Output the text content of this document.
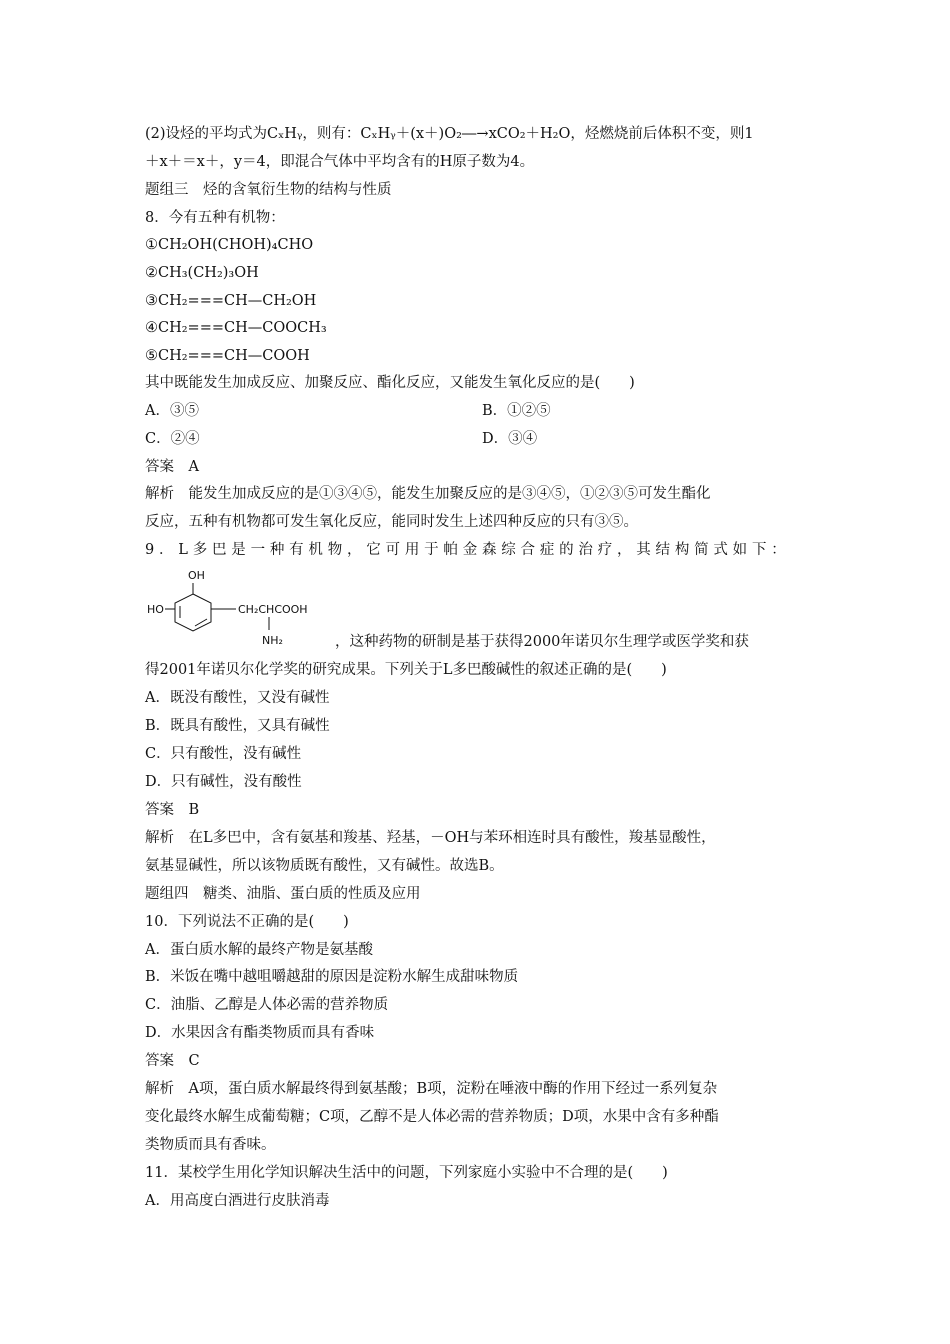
(2)设烃的平均式为CₓHᵧ，则有：CₓHᵧ＋(x＋)O₂―→xCO₂＋H₂O，烃燃烧前后体积不变，则1
＋x＋＝x＋，y＝4，即混合气体中平均含有的H原子数为4。
题组三　烃的含氧衍生物的结构与性质
8．今有五种有机物：
①CH₂OH(CHOH)₄CHO
②CH₃(CH₂)₃OH
③CH₂===CH—CH₂OH
④CH₂===CH—COOCH₃
⑤CH₂===CH—COOH
其中既能发生加成反应、加聚反应、酯化反应，又能发生氧化反应的是(　　)
A．③⑤	B．①②⑤
C．②④	D．③④
答案　A
解析　能发生加成反应的是①③④⑤，能发生加聚反应的是③④⑤，①②③⑤可发生酯化
反应，五种有机物都可发生氧化反应，能同时发生上述四种反应的只有③⑤。
9．L多巴是一种有机物，它可用于帕金森综合症的治疗，其结构简式如下：
OH
HO	CH₂CHCOOH
NH₂	，这种药物的研制是基于获得2000年诺贝尔生理学或医学奖和获
得2001年诺贝尔化学奖的研究成果。下列关于L多巴酸碱性的叙述正确的是(　　)
A．既没有酸性，又没有碱性
B．既具有酸性，又具有碱性
C．只有酸性，没有碱性
D．只有碱性，没有酸性
答案　B
解析　在L多巴中，含有氨基和羧基、羟基，－OH与苯环相连时具有酸性，羧基显酸性，
氨基显碱性，所以该物质既有酸性，又有碱性。故选B。
题组四　糖类、油脂、蛋白质的性质及应用
10．下列说法不正确的是(　　)
A．蛋白质水解的最终产物是氨基酸
B．米饭在嘴中越咀嚼越甜的原因是淀粉水解生成甜味物质
C．油脂、乙醇是人体必需的营养物质
D．水果因含有酯类物质而具有香味
答案　C
解析　A项，蛋白质水解最终得到氨基酸；B项，淀粉在唾液中酶的作用下经过一系列复杂
变化最终水解生成葡萄糖；C项，乙醇不是人体必需的营养物质；D项，水果中含有多种酯
类物质而具有香味。
11．某校学生用化学知识解决生活中的问题，下列家庭小实验中不合理的是(　　)
A．用高度白酒进行皮肤消毒
